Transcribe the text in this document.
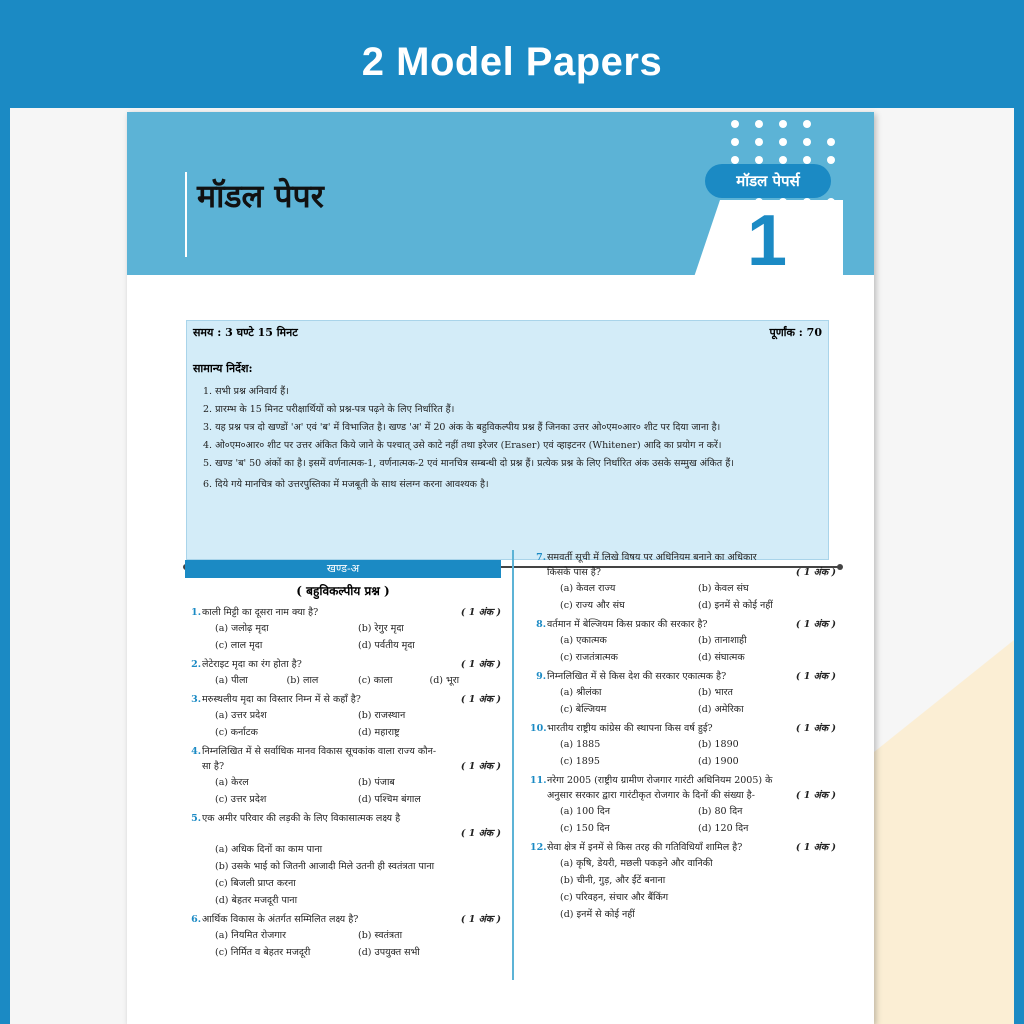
2 Model Papers
मॉडल पेपर	मॉडल पेपर्स
1
समय : 3 घण्टे 15 मिनट	पूर्णांक : 70
सामान्य निर्देश:
1. सभी प्रश्न अनिवार्य हैं।
2. प्रारम्भ के 15 मिनट परीक्षार्थियों को प्रश्न-पत्र पढ़ने के लिए निर्धारित हैं।
3. यह प्रश्न पत्र दो खण्डों 'अ' एवं 'ब' में विभाजित है। खण्ड 'अ' में 20 अंक के बहुविकल्पीय प्रश्न हैं जिनका उत्तर ओ०एम०आर० शीट पर दिया जाना है।
4. ओ०एम०आर० शीट पर उत्तर अंकित किये जाने के पश्चात् उसे काटे नहीं तथा इरेजर (Eraser) एवं व्हाइटनर (Whitener) आदि का प्रयोग न करें।
5. खण्ड 'ब' 50 अंकों का है। इसमें वर्णनात्मक-1, वर्णनात्मक-2 एवं मानचित्र सम्बन्धी दो प्रश्न हैं। प्रत्येक प्रश्न के लिए निर्धारित अंक उसके सम्मुख अंकित हैं।
6. दिये गये मानचित्र को उत्तरपुस्तिका में मजबूती के साथ संलग्न करना आवश्यक है।
खण्ड-अ
( बहुविकल्पीय प्रश्न )
1. काली मिट्टी का दूसरा नाम क्या है?	( 1 अंक )
(a) जलोढ़ मृदा	(b) रेगुर मृदा
(c) लाल मृदा	(d) पर्वतीय मृदा
2. लेटेराइट मृदा का रंग होता है?	( 1 अंक )
(a) पीला	(b) लाल	(c) काला	(d) भूरा
3. मरुस्थलीय मृदा का विस्तार निम्न में से कहाँ है?	( 1 अंक )
(a) उत्तर प्रदेश	(b) राजस्थान
(c) कर्नाटक	(d) महाराष्ट्र
4. निम्नलिखित में से सर्वाधिक मानव विकास सूचकांक वाला राज्य कौन-सा है?	( 1 अंक )
(a) केरल	(b) पंजाब
(c) उत्तर प्रदेश	(d) पश्चिम बंगाल
5. एक अमीर परिवार की लड़की के लिए विकासात्मक लक्ष्य है
( 1 अंक )
(a) अधिक दिनों का काम पाना
(b) उसके भाई को जितनी आजादी मिले उतनी ही स्वतंत्रता पाना
(c) बिजली प्राप्त करना
(d) बेहतर मजदूरी पाना
6. आर्थिक विकास के अंतर्गत सम्मिलित लक्ष्य है?	( 1 अंक )
(a) नियमित रोजगार	(b) स्वतंत्रता
(c) निर्मित व बेहतर मजदूरी	(d) उपयुक्त सभी
7. समवर्ती सूची में लिखे विषय पर अधिनियम बनाने का अधिकार किसके पास है?	( 1 अंक )
(a) केवल राज्य	(b) केवल संघ
(c) राज्य और संघ	(d) इनमें से कोई नहीं
8. वर्तमान में बेल्जियम किस प्रकार की सरकार है?	( 1 अंक )
(a) एकात्मक	(b) तानाशाही
(c) राजतंत्रात्मक	(d) संघात्मक
9. निम्नलिखित में से किस देश की सरकार एकात्मक है?	( 1 अंक )
(a) श्रीलंका	(b) भारत
(c) बेल्जियम	(d) अमेरिका
10. भारतीय राष्ट्रीय कांग्रेस की स्थापना किस वर्ष हुई?	( 1 अंक )
(a) 1885	(b) 1890
(c) 1895	(d) 1900
11. नरेगा 2005 (राष्ट्रीय ग्रामीण रोजगार गारंटी अधिनियम 2005) के अनुसार सरकार द्वारा गारंटीकृत रोजगार के दिनों की संख्या है-	( 1 अंक )
(a) 100 दिन	(b) 80 दिन
(c) 150 दिन	(d) 120 दिन
12. सेवा क्षेत्र में इनमें से किस तरह की गतिविधियाँ शामिल है?	( 1 अंक )
(a) कृषि, डेयरी, मछली पकड़ने और वानिकी
(b) चीनी, गुड़, और ईंटें बनाना
(c) परिवहन, संचार और बैंकिंग
(d) इनमें से कोई नहीं
